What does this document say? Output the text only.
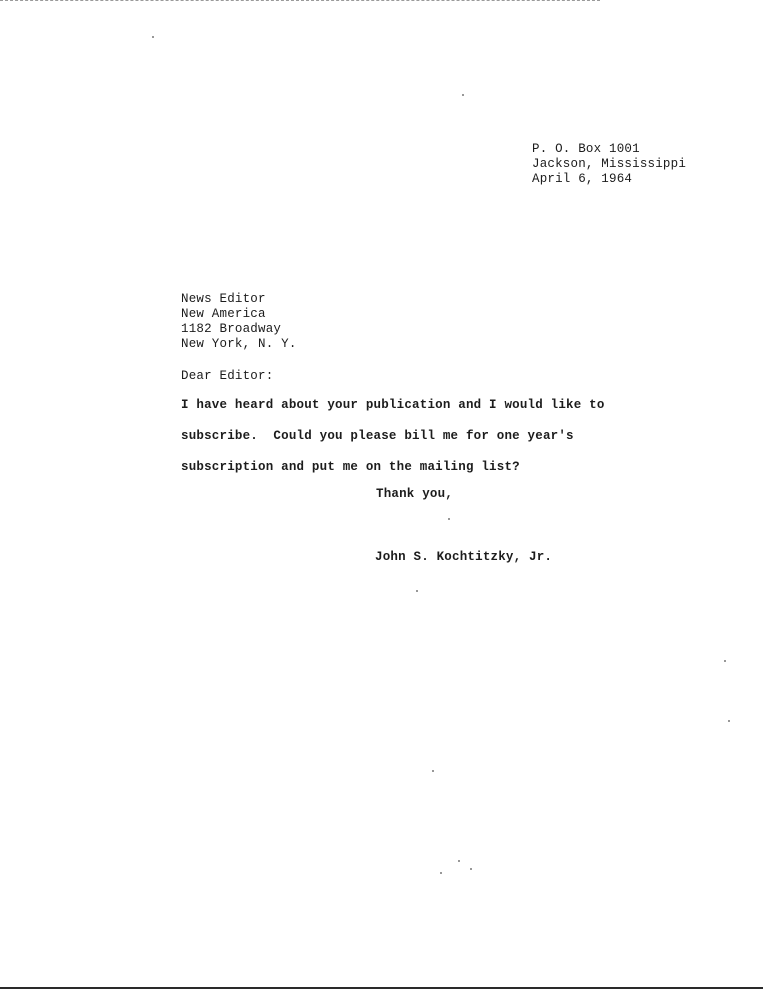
P. O. Box 1001
Jackson, Mississippi
April 6, 1964
News Editor
New America
1182 Broadway
New York, N. Y.
Dear Editor:
I have heard about your publication and I would like to
subscribe.  Could you please bill me for one year's
subscription and put me on the mailing list?
Thank you,
John S. Kochtitzky, Jr.
